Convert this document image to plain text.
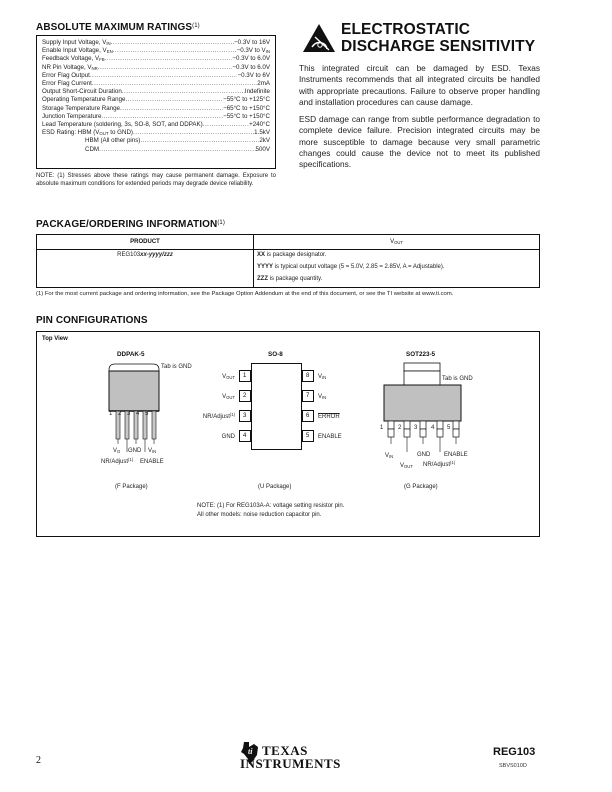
ABSOLUTE MAXIMUM RATINGS$^{(1)}$
Supply Input Voltage, $V_{IN}$ .....	−0.3V to 16V
Enable Input Voltage, $V_{EN}$ .....	−0.3V to $V_{IN}$
Feedback Voltage, $V_{FB}$ .....	−0.3V to 6.0V
NR Pin Voltage, $V_{NR}$ .....	−0.3V to 6.0V
Error Flag Output .....	−0.3V to 6V
Error Flag Current .....	2mA
Output Short-Circuit Duration .....	Indefinite
Operating Temperature Range .....	−55°C to +125°C
Storage Temperature Range .....	−65°C to +150°C
Junction Temperature .....	−55°C to +150°C
Lead Temperature (soldering, 3s, SO-8, SOT, and DDPAK) .....	+240°C
ESD Rating: HBM ($V_{OUT}$ to GND) .....	1.5kV
HBM (All other pins) .....	2kV
CDM .....	500V
NOTE: (1) Stresses above these ratings may cause permanent damage. Exposure to absolute maximum conditions for extended periods may degrade device reliability.
ELECTROSTATIC
DISCHARGE SENSITIVITY
This integrated circuit can be damaged by ESD. Texas Instruments recommends that all integrated circuits be handled with appropriate precautions. Failure to observe proper handling and installation procedures can cause damage.
ESD damage can range from subtle performance degradation to complete device failure. Precision integrated circuits may be more susceptible to damage because very small parametric changes could cause the device not to meet its published specifications.
PACKAGE/ORDERING INFORMATION$^{(1)}$
PRODUCT	$V_{OUT}$
REG103xx-yyyy/zzz	XX is package designator.
YYYY is typical output voltage (5 = 5.0V, 2.85 = 2.85V, A = Adjustable).
ZZZ is package quantity.
(1) For the most current package and ordering information, see the Package Option Addendum at the end of this document, or see the TI website at www.ti.com.
PIN CONFIGURATIONS
Top View
DDPAK-5
Tab is GND
1 2 3 4 5
$V_O$ GND $V_{IN}$
NR/Adjust$^{(1)}$ ENABLE
(F Package)
SO-8
1
2
3
4
8
7
6
5
$V_{OUT}$
$V_{OUT}$
NR/Adjust$^{(1)}$
GND
$V_{IN}$
$V_{IN}$
ERROR
ENABLE
(U Package)
SOT223-5
Tab is GND
1 2 3 4 5
$V_{IN}$	GND ENABLE
$V_{OUT}$ NR/Adjust$^{(1)}$
(G Package)
NOTE: (1) For REG103A-A: voltage setting resistor pin.
All other models: noise reduction capacitor pin.
2
ti TEXAS
INSTRUMENTS
REG103
SBVS010D
